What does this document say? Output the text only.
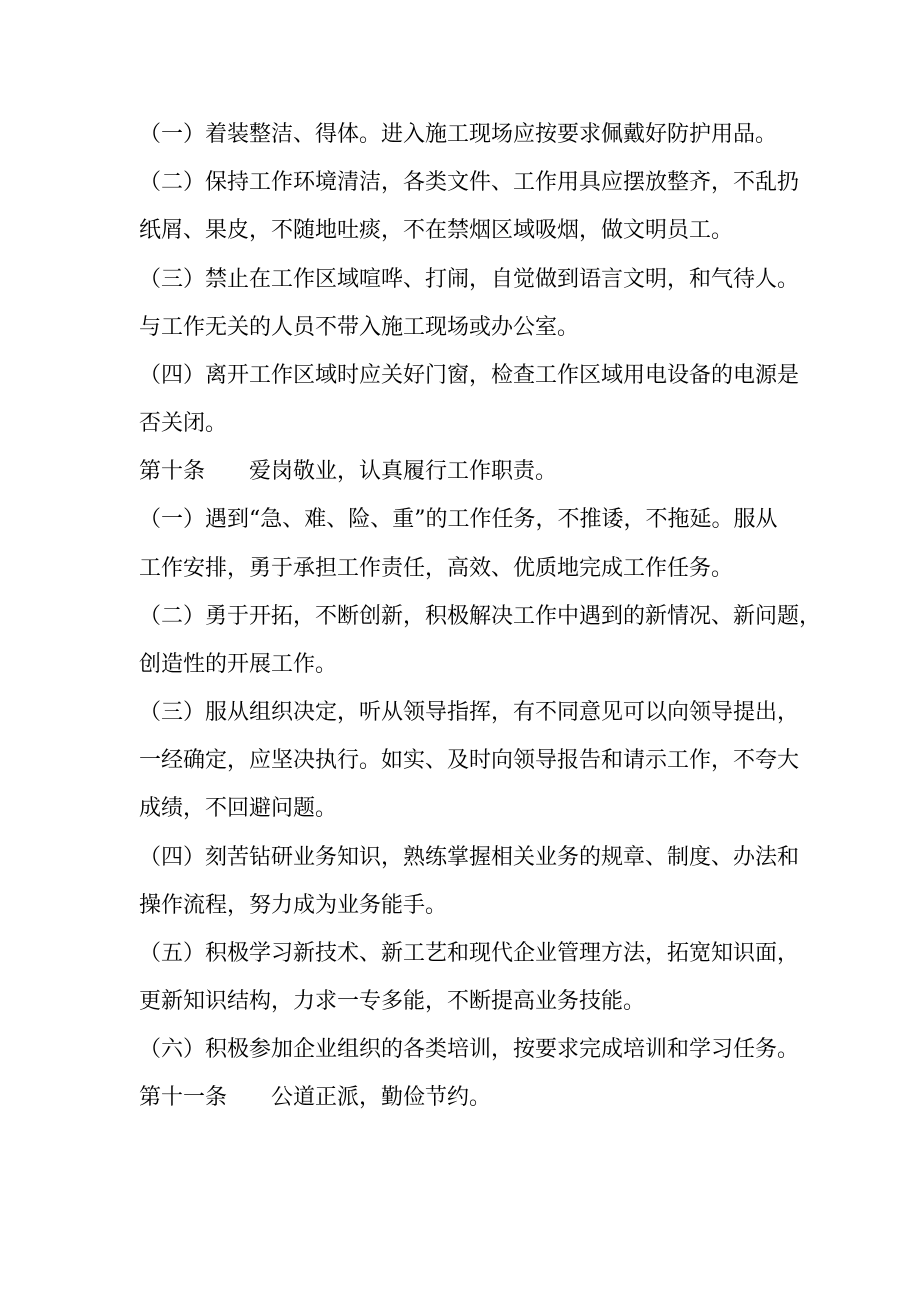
（一）着装整洁、得体。进入施工现场应按要求佩戴好防护用品。
（二）保持工作环境清洁，各类文件、工作用具应摆放整齐，不乱扔
纸屑、果皮，不随地吐痰，不在禁烟区域吸烟，做文明员工。
（三）禁止在工作区域喧哗、打闹，自觉做到语言文明，和气待人。
与工作无关的人员不带入施工现场或办公室。
（四）离开工作区域时应关好门窗，检查工作区域用电设备的电源是
否关闭。
第十条　　爱岗敬业，认真履行工作职责。
（一）遇到“急、难、险、重”的工作任务，不推诿，不拖延。服从
工作安排，勇于承担工作责任，高效、优质地完成工作任务。
（二）勇于开拓，不断创新，积极解决工作中遇到的新情况、新问题，
创造性的开展工作。
（三）服从组织决定，听从领导指挥，有不同意见可以向领导提出，
一经确定，应坚决执行。如实、及时向领导报告和请示工作，不夸大
成绩，不回避问题。
（四）刻苦钻研业务知识，熟练掌握相关业务的规章、制度、办法和
操作流程，努力成为业务能手。
（五）积极学习新技术、新工艺和现代企业管理方法，拓宽知识面，
更新知识结构，力求一专多能，不断提高业务技能。
（六）积极参加企业组织的各类培训，按要求完成培训和学习任务。
第十一条　　公道正派，勤俭节约。
